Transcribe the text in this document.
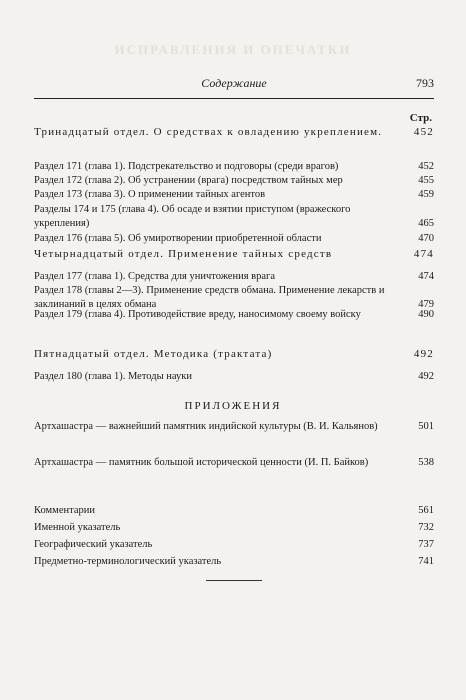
ИСПРАВЛЕНИЯ И ОПЕЧАТКИ
Содержание	793
Стр.
Тринадцатый отдел. О средствах к овладению укреплением.	452
Раздел 171 (глава 1). Подстрекательство и подговоры (среди врагов)	452
Раздел 172 (глава 2). Об устранении (врага) посредством тайных мер	455
Раздел 173 (глава 3). О применении тайных агентов	459
Разделы 174 и 175 (глава 4). Об осаде и взятии приступом (вражеского укрепления)	465
Раздел 176 (глава 5). Об умиротворении приобретенной области	470
Четырнадцатый отдел. Применение тайных средств	474
Раздел 177 (глава 1). Средства для уничтожения врага	474
Раздел 178 (главы 2—3). Применение средств обмана. Применение лекарств и заклинаний в целях обмана	479
Раздел 179 (глава 4). Противодействие вреду, наносимому своему войску	490
Пятнадцатый отдел. Методика (трактата)	492
Раздел 180 (глава 1). Методы науки	492
ПРИЛОЖЕНИЯ
Артхашастра — важнейший памятник индийской культуры (В. И. Кальянов)	501
Артхашастра — памятник большой исторической ценности (И. П. Байков)	538
Комментарии	561
Именной указатель	732
Географический указатель	737
Предметно-терминологический указатель	741
